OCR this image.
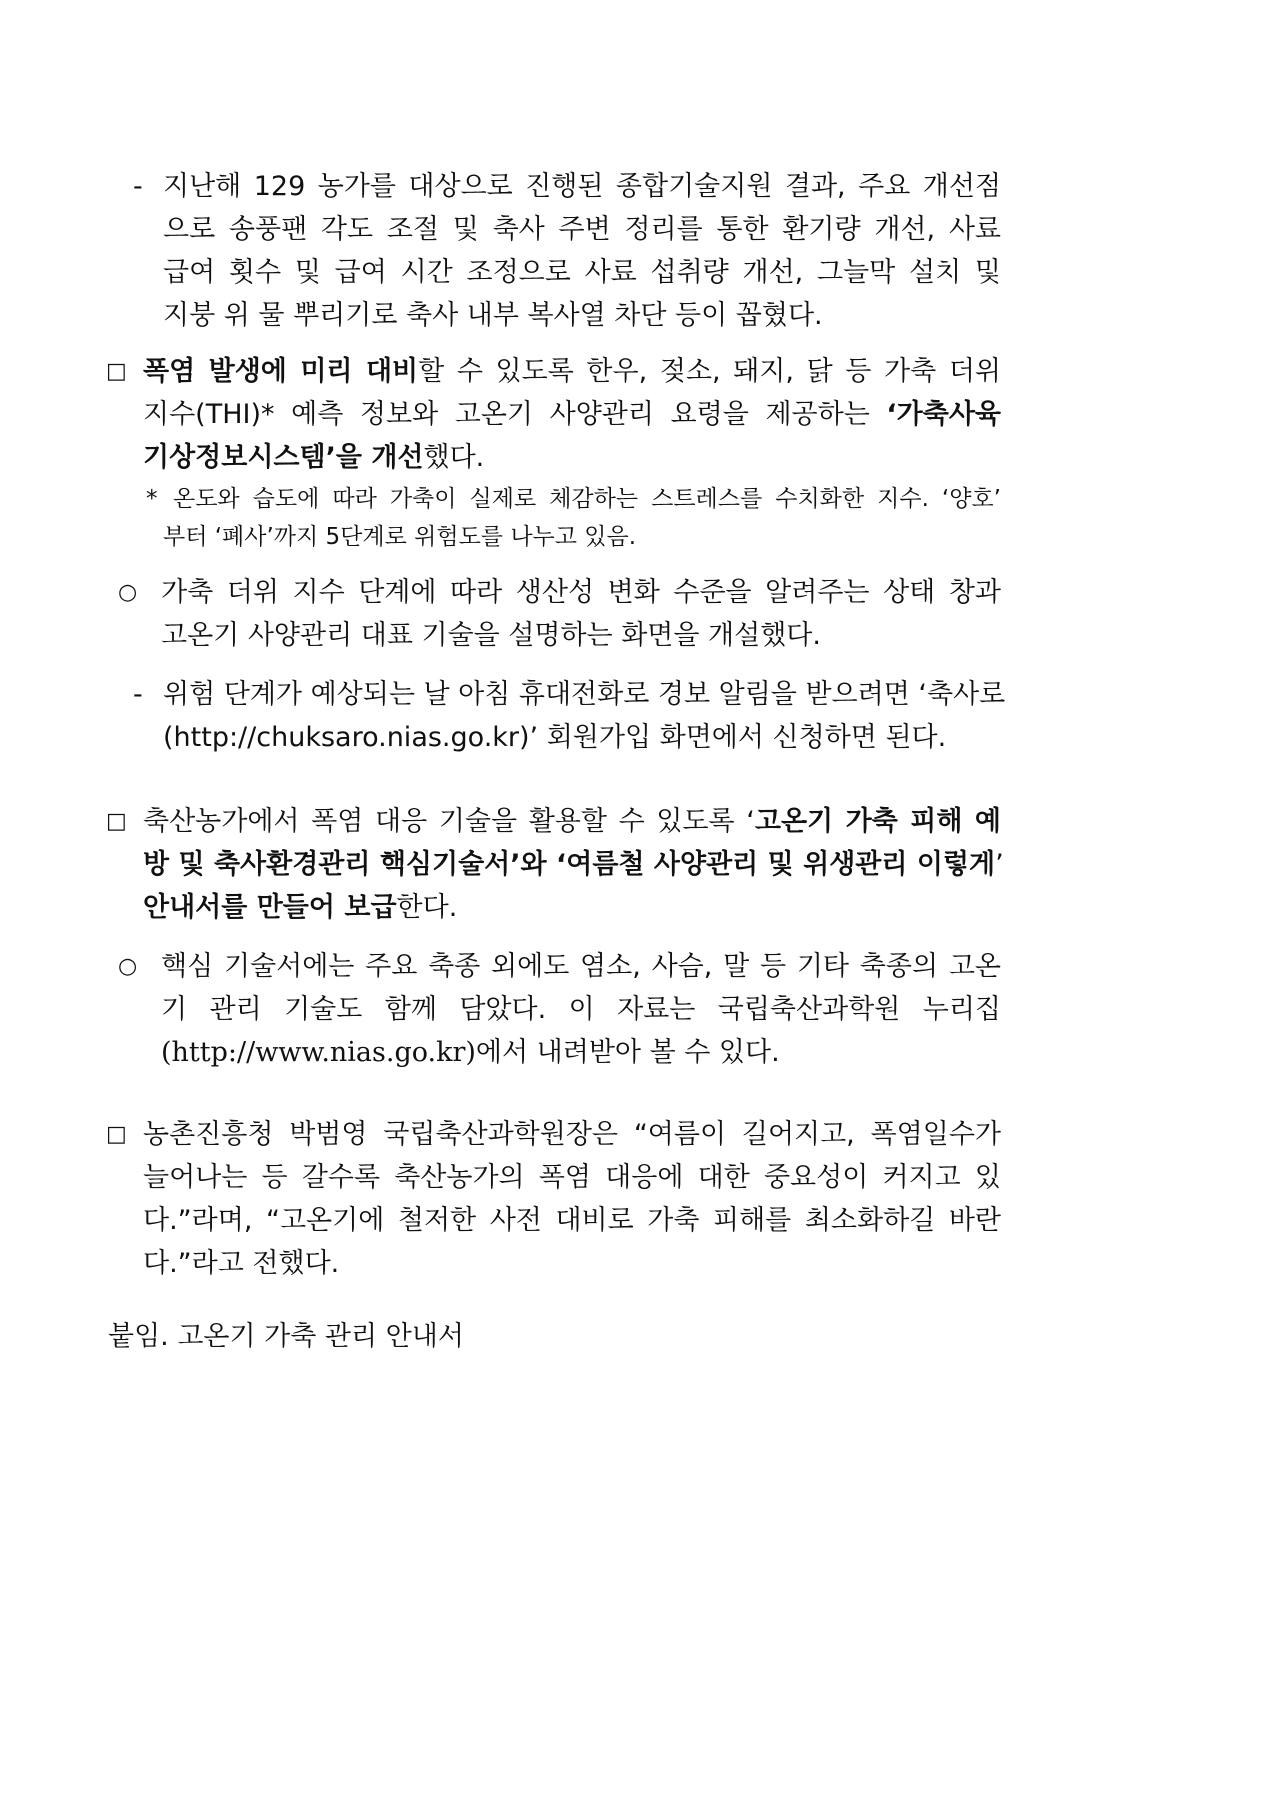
- 지난해 129 농가를 대상으로 진행된 종합기술지원 결과, 주요 개선점
으로 송풍팬 각도 조절 및 축사 주변 정리를 통한 환기량 개선, 사료
급여 횟수 및 급여 시간 조정으로 사료 섭취량 개선, 그늘막 설치 및
지붕 위 물 뿌리기로 축사 내부 복사열 차단 등이 꼽혔다.
□ 폭염 발생에 미리 대비할 수 있도록 한우, 젖소, 돼지, 닭 등 가축 더위
지수(THI)* 예측 정보와 고온기 사양관리 요령을 제공하는 ‘가축사육
기상정보시스템’을 개선했다.
* 온도와 습도에 따라 가축이 실제로 체감하는 스트레스를 수치화한 지수. ‘양호’
부터 ‘폐사’까지 5단계로 위험도를 나누고 있음.
○ 가축 더위 지수 단계에 따라 생산성 변화 수준을 알려주는 상태 창과
고온기 사양관리 대표 기술을 설명하는 화면을 개설했다.
- 위험 단계가 예상되는 날 아침 휴대전화로 경보 알림을 받으려면 ‘축사로
(http://chuksaro.nias.go.kr)’ 회원가입 화면에서 신청하면 된다.
□ 축산농가에서 폭염 대응 기술을 활용할 수 있도록 ‘고온기 가축 피해 예
방 및 축사환경관리 핵심기술서’와 ‘여름철 사양관리 및 위생관리 이렇게’
안내서를 만들어 보급한다.
○ 핵심 기술서에는 주요 축종 외에도 염소, 사슴, 말 등 기타 축종의 고온
기 관리 기술도 함께 담았다. 이 자료는 국립축산과학원 누리집
(http://www.nias.go.kr)에서 내려받아 볼 수 있다.
□ 농촌진흥청 박범영 국립축산과학원장은 “여름이 길어지고, 폭염일수가
늘어나는 등 갈수록 축산농가의 폭염 대응에 대한 중요성이 커지고 있
다.”라며, “고온기에 철저한 사전 대비로 가축 피해를 최소화하길 바란
다.”라고 전했다.
붙임. 고온기 가축 관리 안내서
